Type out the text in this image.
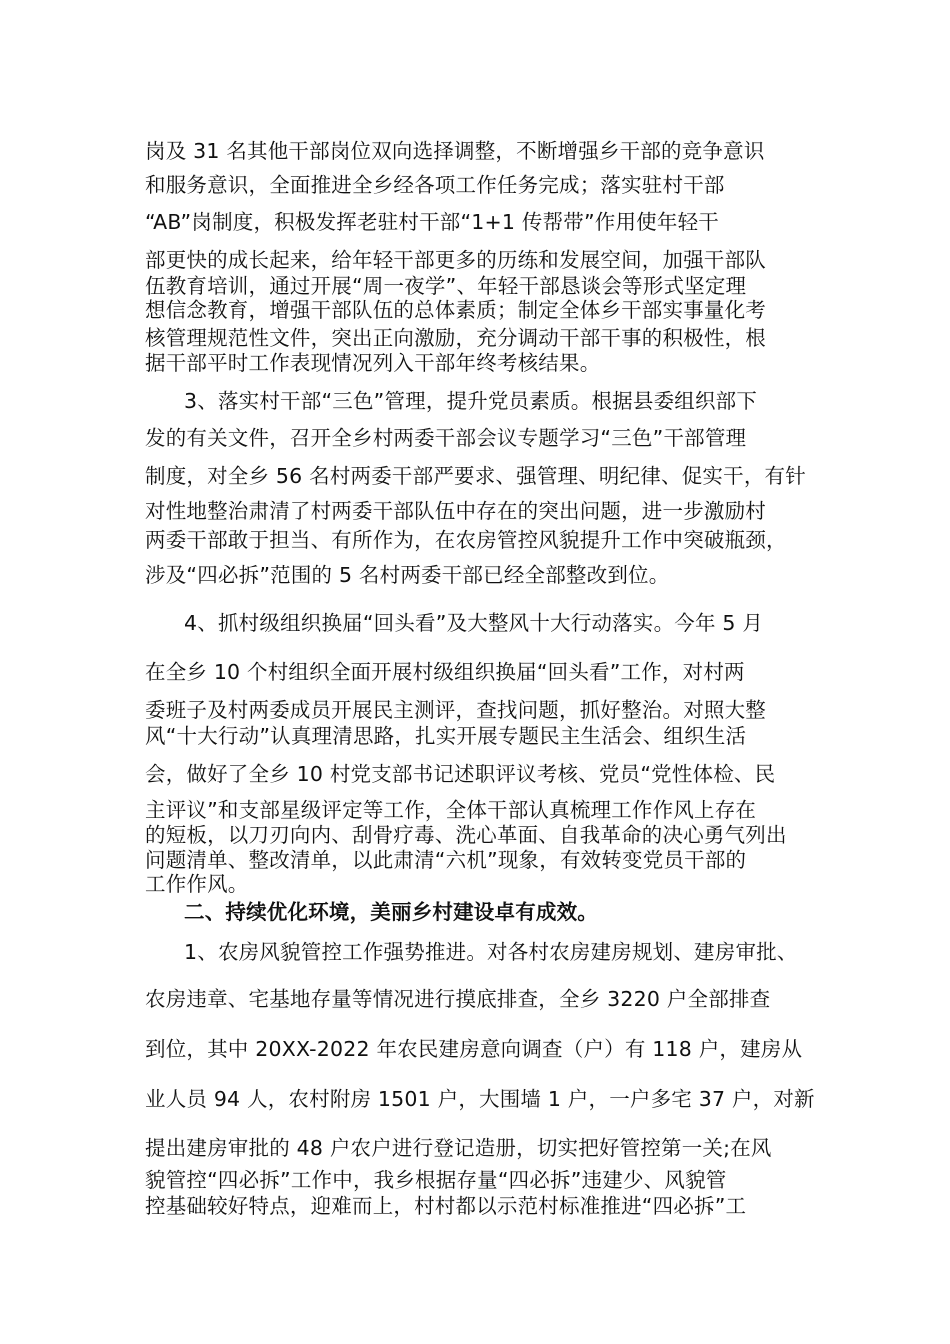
岗及 31 名其他干部岗位双向选择调整，不断增强乡干部的竞争意识
和服务意识，全面推进全乡经各项工作任务完成；落实驻村干部
“AB”岗制度，积极发挥老驻村干部“1+1 传帮带”作用使年轻干
部更快的成长起来，给年轻干部更多的历练和发展空间，加强干部队
伍教育培训，通过开展“周一夜学”、年轻干部恳谈会等形式坚定理
想信念教育，增强干部队伍的总体素质；制定全体乡干部实事量化考
核管理规范性文件，突出正向激励，充分调动干部干事的积极性，根
据干部平时工作表现情况列入干部年终考核结果。
3、落实村干部“三色”管理，提升党员素质。根据县委组织部下
发的有关文件，召开全乡村两委干部会议专题学习“三色”干部管理
制度，对全乡 56 名村两委干部严要求、强管理、明纪律、促实干，有针
对性地整治肃清了村两委干部队伍中存在的突出问题，进一步激励村
两委干部敢于担当、有所作为，在农房管控风貌提升工作中突破瓶颈，
涉及“四必拆”范围的 5 名村两委干部已经全部整改到位。
4、抓村级组织换届“回头看”及大整风十大行动落实。今年 5 月
在全乡 10 个村组织全面开展村级组织换届“回头看”工作，对村两
委班子及村两委成员开展民主测评，查找问题，抓好整治。对照大整
风“十大行动”认真理清思路，扎实开展专题民主生活会、组织生活
会，做好了全乡 10 村党支部书记述职评议考核、党员“党性体检、民
主评议”和支部星级评定等工作，全体干部认真梳理工作作风上存在
的短板，以刀刃向内、刮骨疗毒、洗心革面、自我革命的决心勇气列出
问题清单、整改清单，以此肃清“六机”现象，有效转变党员干部的
工作作风。
二、持续优化环境，美丽乡村建设卓有成效。
1、农房风貌管控工作强势推进。对各村农房建房规划、建房审批、
农房违章、宅基地存量等情况进行摸底排查，全乡 3220 户全部排查
到位，其中 20XX-2022 年农民建房意向调查（户）有 118 户，建房从
业人员 94 人，农村附房 1501 户，大围墙 1 户，一户多宅 37 户，对新
提出建房审批的 48 户农户进行登记造册，切实把好管控第一关;在风
貌管控“四必拆”工作中，我乡根据存量“四必拆”违建少、风貌管
控基础较好特点，迎难而上，村村都以示范村标准推进“四必拆”工
